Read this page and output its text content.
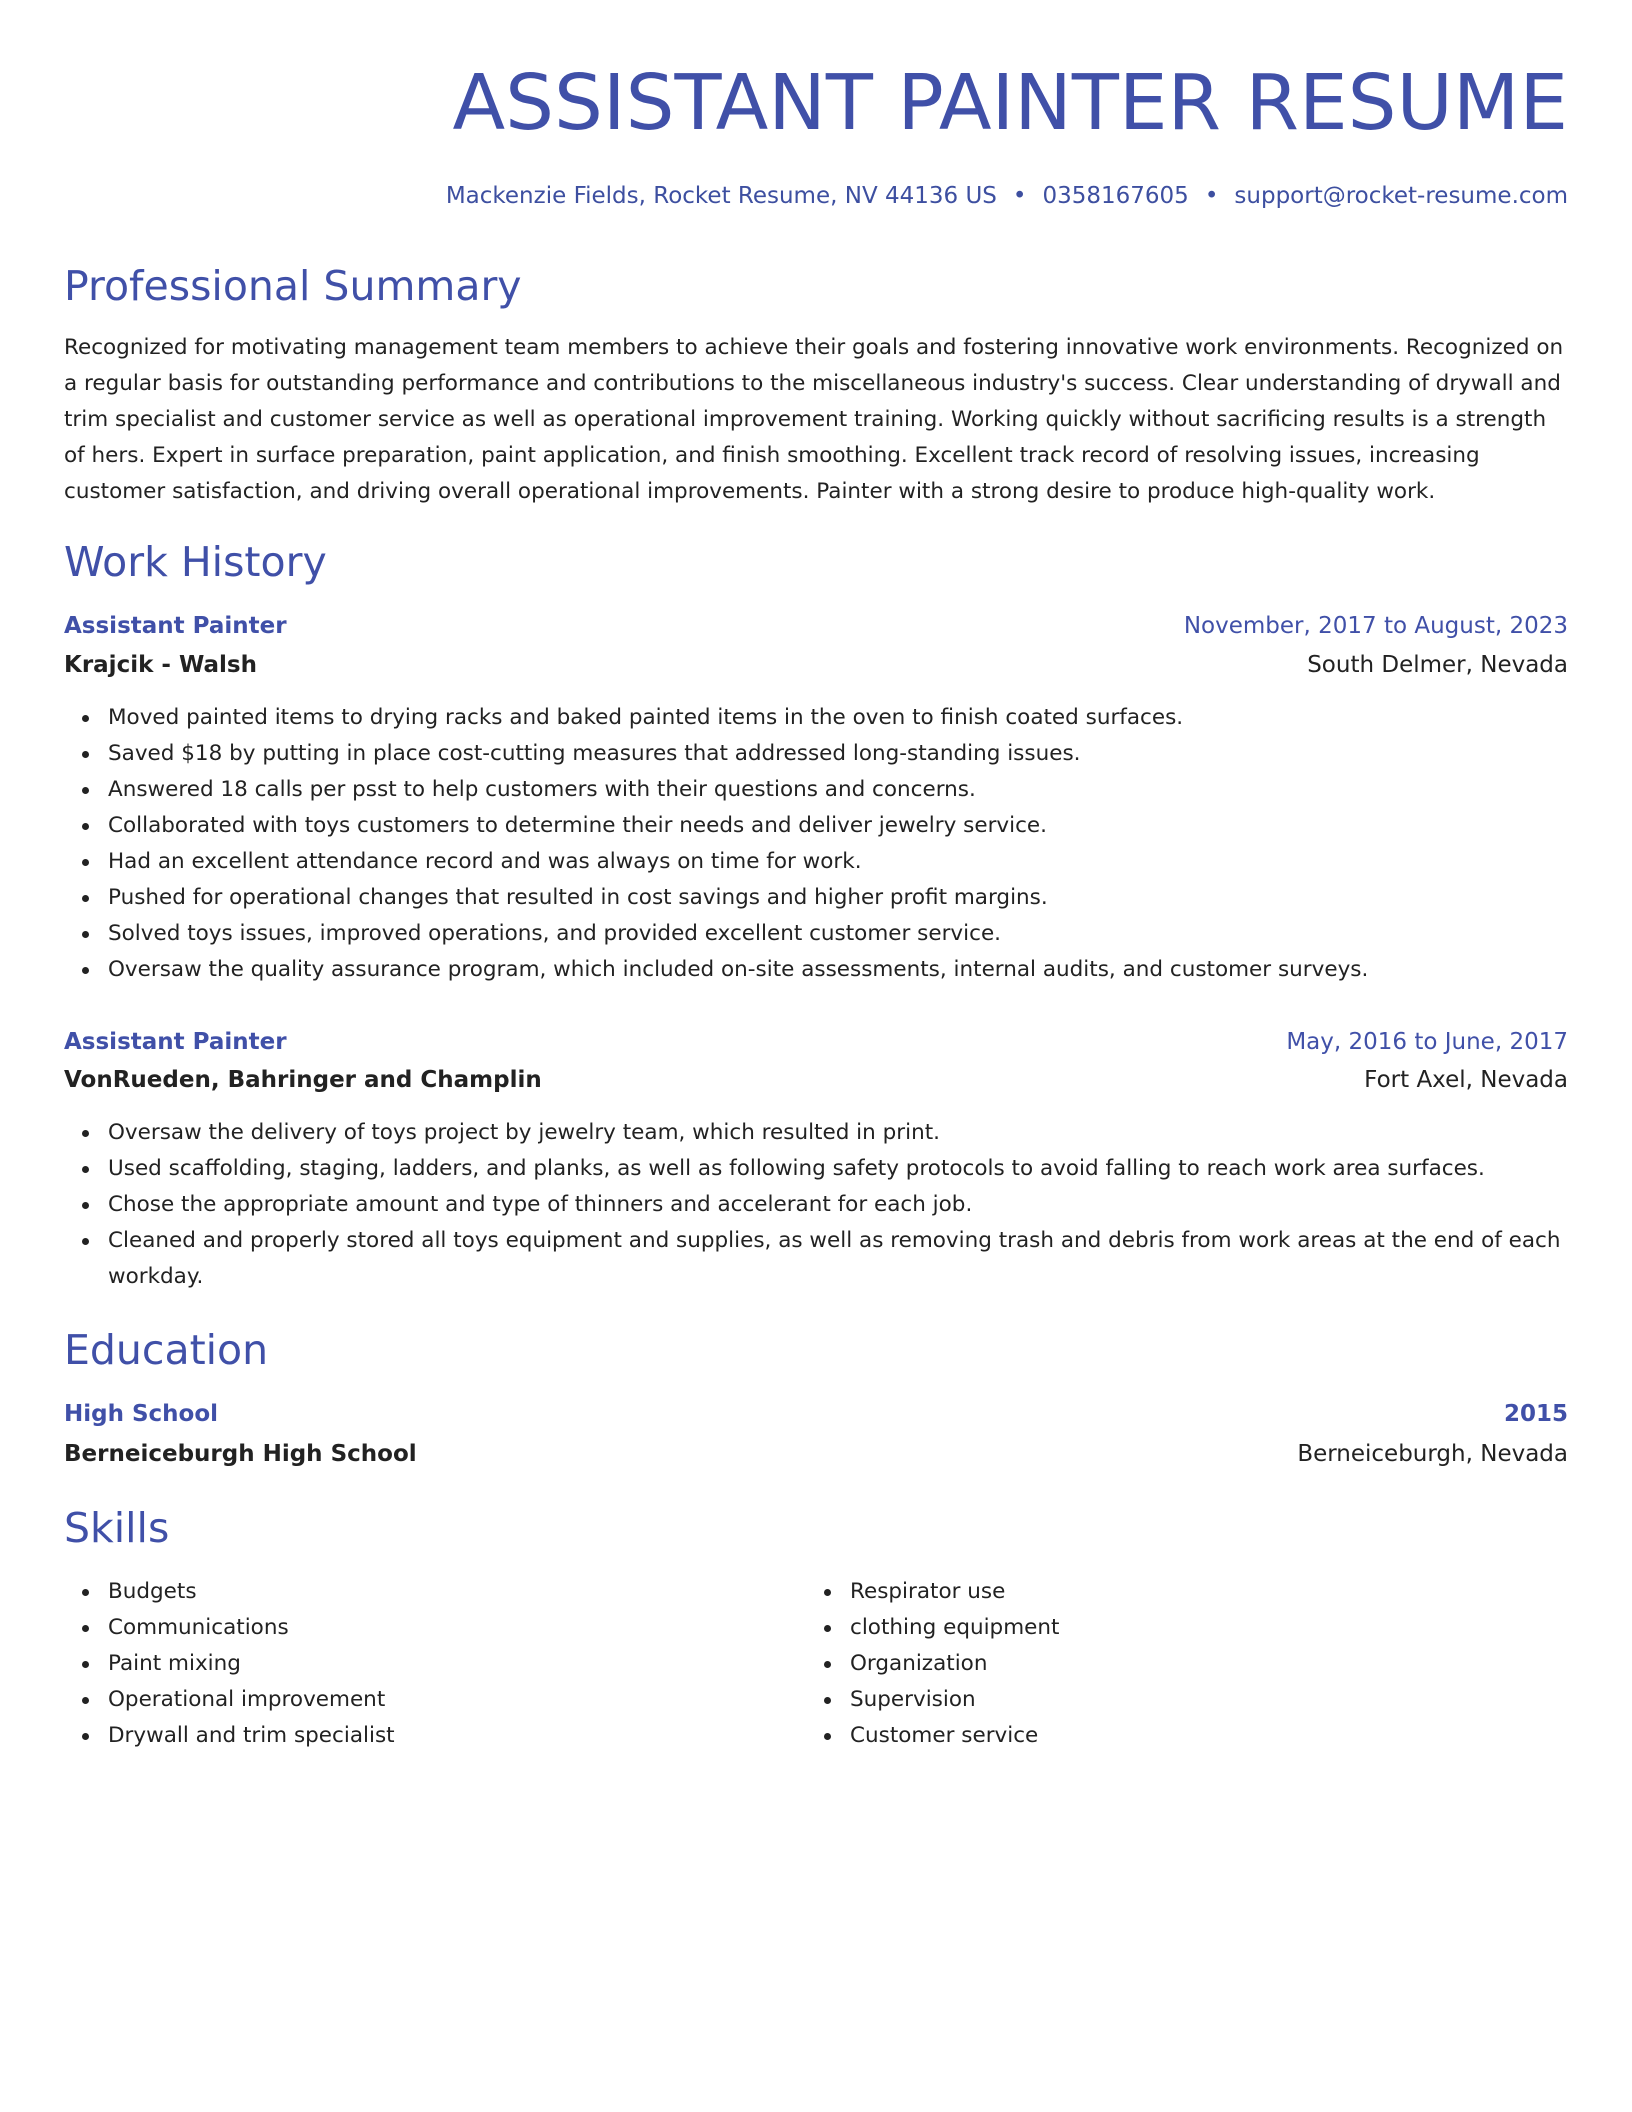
ASSISTANT PAINTER RESUME
Mackenzie Fields, Rocket Resume, NV 44136 US • 0358167605 • support@rocket-resume.com
Professional Summary

Recognized for motivating management team members to achieve their goals and fostering innovative work environments. Recognized on a regular basis for outstanding performance and contributions to the miscellaneous industry's success. Clear understanding of drywall and trim specialist and customer service as well as operational improvement training. Working quickly without sacrificing results is a strength of hers. Expert in surface preparation, paint application, and finish smoothing. Excellent track record of resolving issues, increasing customer satisfaction, and driving overall operational improvements. Painter with a strong desire to produce high-quality work.

Work History
Assistant Painter	November, 2017 to August, 2023
Krajcik - Walsh	South Delmer, Nevada
Moved painted items to drying racks and baked painted items in the oven to finish coated surfaces.
Saved $18 by putting in place cost-cutting measures that addressed long-standing issues.
Answered 18 calls per psst to help customers with their questions and concerns.
Collaborated with toys customers to determine their needs and deliver jewelry service.
Had an excellent attendance record and was always on time for work.
Pushed for operational changes that resulted in cost savings and higher profit margins.
Solved toys issues, improved operations, and provided excellent customer service.
Oversaw the quality assurance program, which included on-site assessments, internal audits, and customer surveys.
Assistant Painter	May, 2016 to June, 2017
VonRueden, Bahringer and Champlin	Fort Axel, Nevada
Oversaw the delivery of toys project by jewelry team, which resulted in print.
Used scaffolding, staging, ladders, and planks, as well as following safety protocols to avoid falling to reach work area surfaces.
Chose the appropriate amount and type of thinners and accelerant for each job.
Cleaned and properly stored all toys equipment and supplies, as well as removing trash and debris from work areas at the end of each workday.
Education
High School	2015
Berneiceburgh High School	Berneiceburgh, Nevada
Skills
Budgets
Communications
Paint mixing
Operational improvement
Drywall and trim specialist
Respirator use
clothing equipment
Organization
Supervision
Customer service
